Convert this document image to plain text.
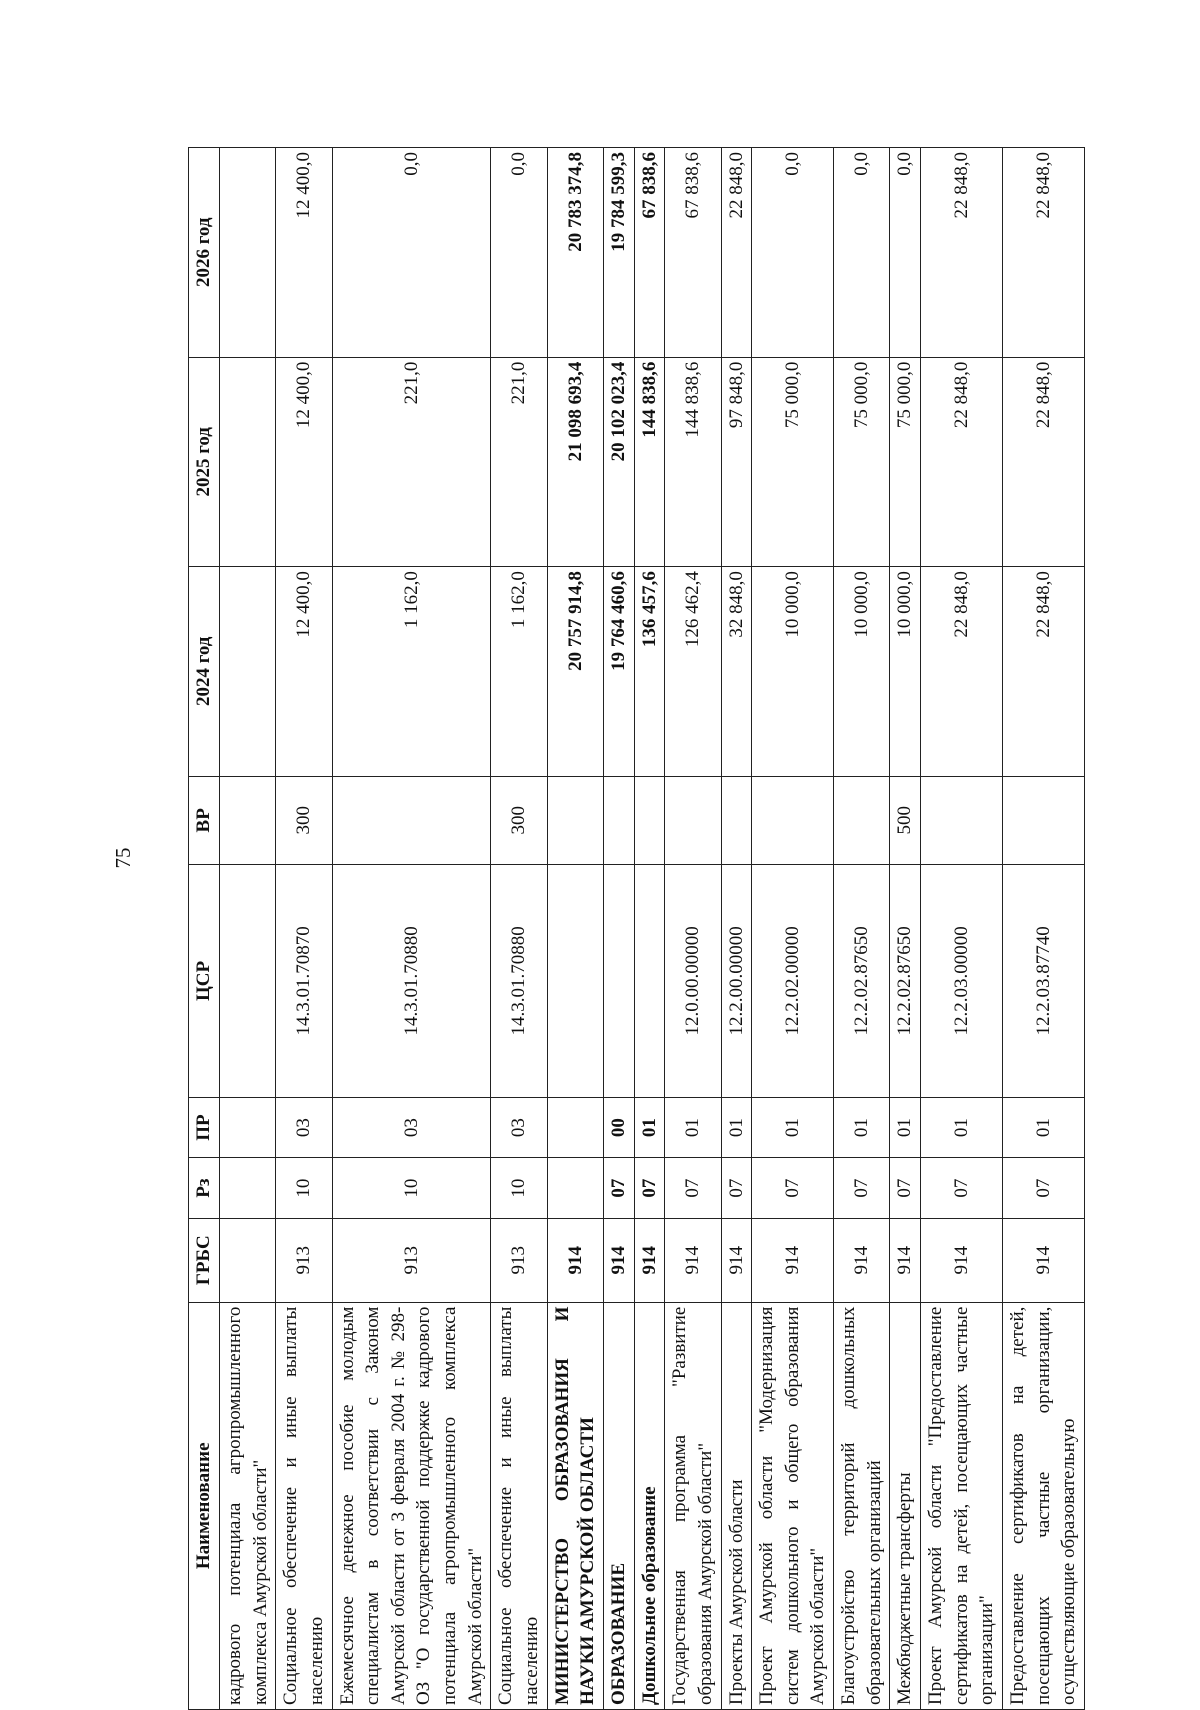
75
Наименование	ГРБС	Рз	ПР	ЦСР	ВР	2024 год	2025 год	2026 год
кадрового потенциала агропромышленного комплекса Амурской области"								
Социальное обеспечение и иные выплаты населению	913	10	03	14.3.01.70870	300	12 400,0	12 400,0	12 400,0
Ежемесячное денежное пособие молодым специалистам в соответствии с Законом Амурской области от 3 февраля 2004 г. № 298-ОЗ "О государственной поддержке кадрового потенциала агропромышленного комплекса Амурской области"	913	10	03	14.3.01.70880		1 162,0	221,0	0,0
Социальное обеспечение и иные выплаты населению	913	10	03	14.3.01.70880	300	1 162,0	221,0	0,0
МИНИСТЕРСТВО ОБРАЗОВАНИЯ И НАУКИ АМУРСКОЙ ОБЛАСТИ	914					20 757 914,8	21 098 693,4	20 783 374,8
ОБРАЗОВАНИЕ	914	07	00			19 764 460,6	20 102 023,4	19 784 599,3
Дошкольное образование	914	07	01			136 457,6	144 838,6	67 838,6
Государственная программа "Развитие образования Амурской области"	914	07	01	12.0.00.00000		126 462,4	144 838,6	67 838,6
Проекты Амурской области	914	07	01	12.2.00.00000		32 848,0	97 848,0	22 848,0
Проект Амурской области "Модернизация систем дошкольного и общего образования Амурской области"	914	07	01	12.2.02.00000		10 000,0	75 000,0	0,0
Благоустройство территорий дошкольных образовательных организаций	914	07	01	12.2.02.87650		10 000,0	75 000,0	0,0
Межбюджетные трансферты	914	07	01	12.2.02.87650	500	10 000,0	75 000,0	0,0
Проект Амурской области "Предоставление сертификатов на детей, посещающих частные организации"	914	07	01	12.2.03.00000		22 848,0	22 848,0	22 848,0
Предоставление сертификатов на детей, посещающих частные организации, осуществляющие образовательную	914	07	01	12.2.03.87740		22 848,0	22 848,0	22 848,0
